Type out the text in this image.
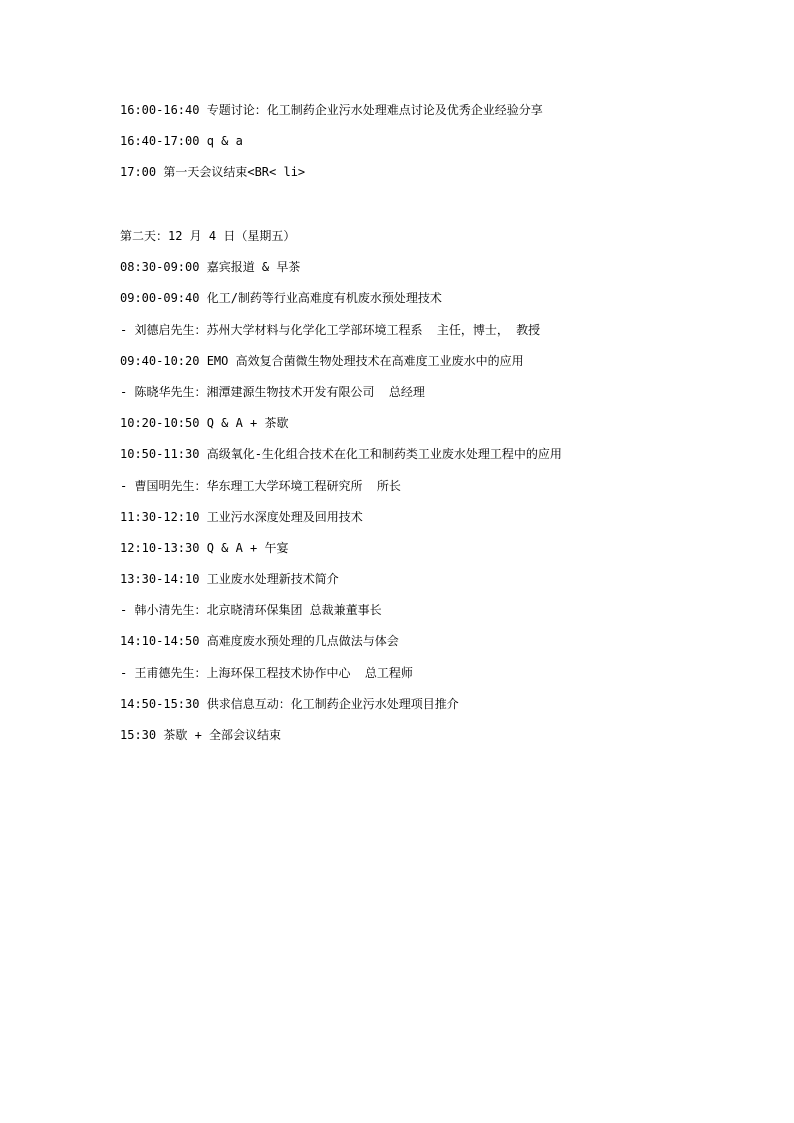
16:00-16:40 专题讨论：化工制药企业污水处理难点讨论及优秀企业经验分享
16:40-17:00 q & a
17:00 第一天会议结束<BR< li>
第二天：12 月 4 日（星期五）
08:30-09:00 嘉宾报道 & 早茶
09:00-09:40 化工/制药等行业高难度有机废水预处理技术
- 刘德启先生：苏州大学材料与化学化工学部环境工程系  主任，博士， 教授
09:40-10:20 EMO 高效复合菌微生物处理技术在高难度工业废水中的应用
- 陈晓华先生：湘潭建源生物技术开发有限公司  总经理
10:20-10:50 Q & A + 茶歇
10:50-11:30 高级氧化-生化组合技术在化工和制药类工业废水处理工程中的应用
- 曹国明先生：华东理工大学环境工程研究所  所长
11:30-12:10 工业污水深度处理及回用技术
12:10-13:30 Q & A + 午宴
13:30-14:10 工业废水处理新技术简介
- 韩小清先生：北京晓清环保集团 总裁兼董事长
14:10-14:50 高难度废水预处理的几点做法与体会
- 王甫德先生：上海环保工程技术协作中心  总工程师
14:50-15:30 供求信息互动：化工制药企业污水处理项目推介
15:30 茶歇 + 全部会议结束
